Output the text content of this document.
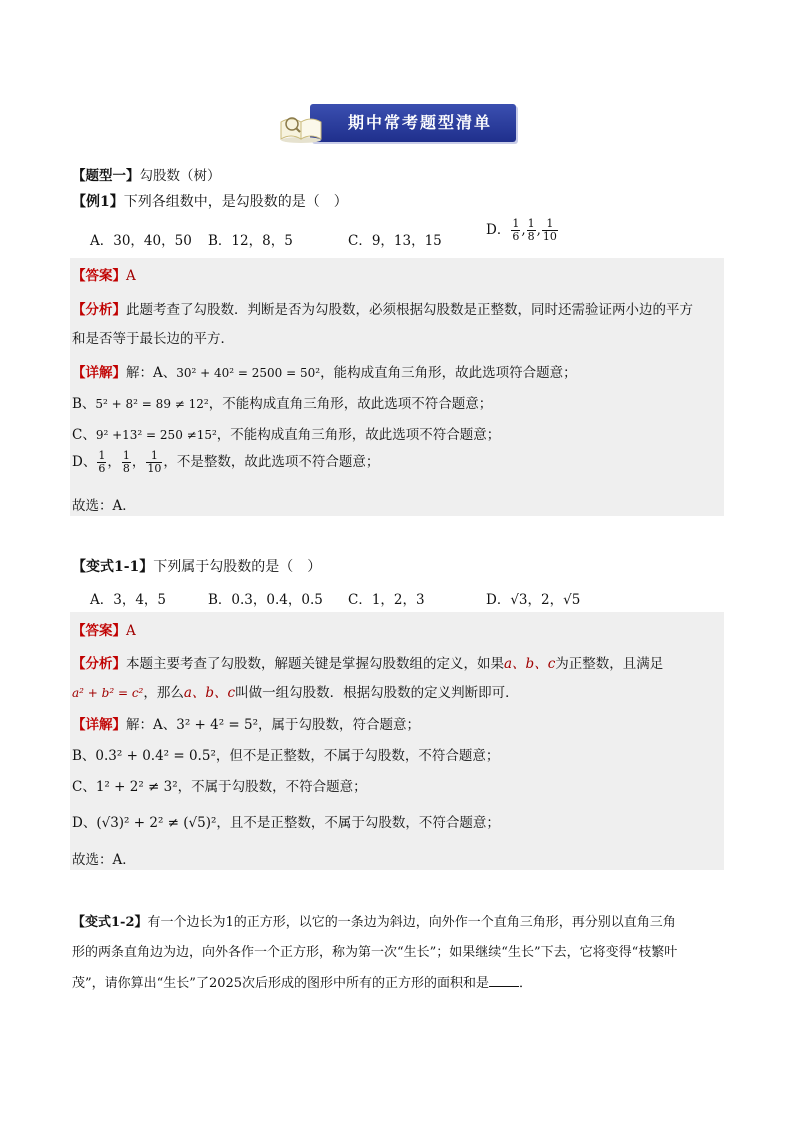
期中常考题型清单
【题型一】勾股数（树）
【例1】下列各组数中，是勾股数的是（　）
A．30，40，50 B．12，8，5	C．9，13，15
D． $\frac{1}{6}$ , $\frac{1}{8}$ , $\frac{1}{10}$
【答案】A
【分析】此题考查了勾股数．判断是否为勾股数，必须根据勾股数是正整数，同时还需验证两小边的平方
和是否等于最长边的平方．
【详解】解：A、30² + 40² = 2500 = 50²，能构成直角三角形，故此选项符合题意；
B、5² + 8² = 89 ≠ 12²，不能构成直角三角形，故此选项不符合题意；
C、9² +13² = 250 ≠15²，不能构成直角三角形，故此选项不符合题意；
D、 $\frac{1}{6}$ ， $\frac{1}{8}$ ， $\frac{1}{10}$ ，不是整数，故此选项不符合题意；
故选：A．
【变式1-1】下列属于勾股数的是（　）
A．3，4，5	B．0.3，0.4，0.5 C．1，2，3	D．√3，2，√5
【答案】A
【分析】本题主要考查了勾股数，解题关键是掌握勾股数组的定义，如果a、b、c为正整数，且满足
a² + b² = c²，那么a、b、c叫做一组勾股数．根据勾股数的定义判断即可．
【详解】解：A、3² + 4² = 5²，属于勾股数，符合题意；
B、0.3² + 0.4² = 0.5²，但不是正整数，不属于勾股数，不符合题意；
C、1² + 2² ≠ 3²，不属于勾股数，不符合题意；
D、(√3)² + 2² ≠ (√5)²，且不是正整数，不属于勾股数，不符合题意；
故选：A．
【变式1-2】有一个边长为1的正方形，以它的一条边为斜边，向外作一个直角三角形，再分别以直角三角
形的两条直角边为边，向外各作一个正方形，称为第一次“生长”；如果继续“生长”下去，它将变得“枝繁叶
茂”，请你算出“生长”了2025次后形成的图形中所有的正方形的面积和是 ．
